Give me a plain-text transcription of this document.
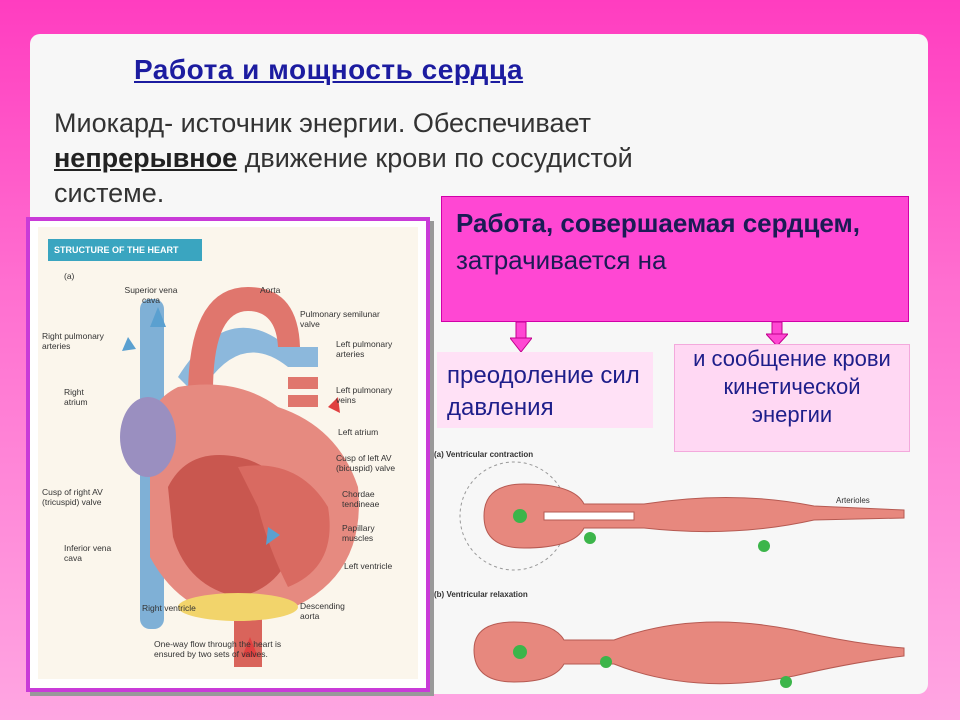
Работа и мощность сердца
Миокард- источник энергии. Обеспечивает
непрерывное движение крови по сосудистой
системе.
STRUCTURE OF THE HEART
(a)
Superior vena cava
Aorta
Pulmonary semilunar valve
Right pulmonary arteries	Left pulmonary arteries
Left pulmonary veins
Right atrium
Left atrium
Cusp of left AV (bicuspid) valve
Cusp of right AV (tricuspid) valve
Chordae tendineae
Papillary muscles
Inferior vena cava
Left ventricle
Right ventricle	Descending aorta
One-way flow through the heart is ensured by two sets of valves.
Работа, совершаемая сердцем, затрачивается на
преодоление сил давления
и сообщение крови кинетической энергии
(a) Ventricular contraction
Arterioles
(b) Ventricular relaxation
